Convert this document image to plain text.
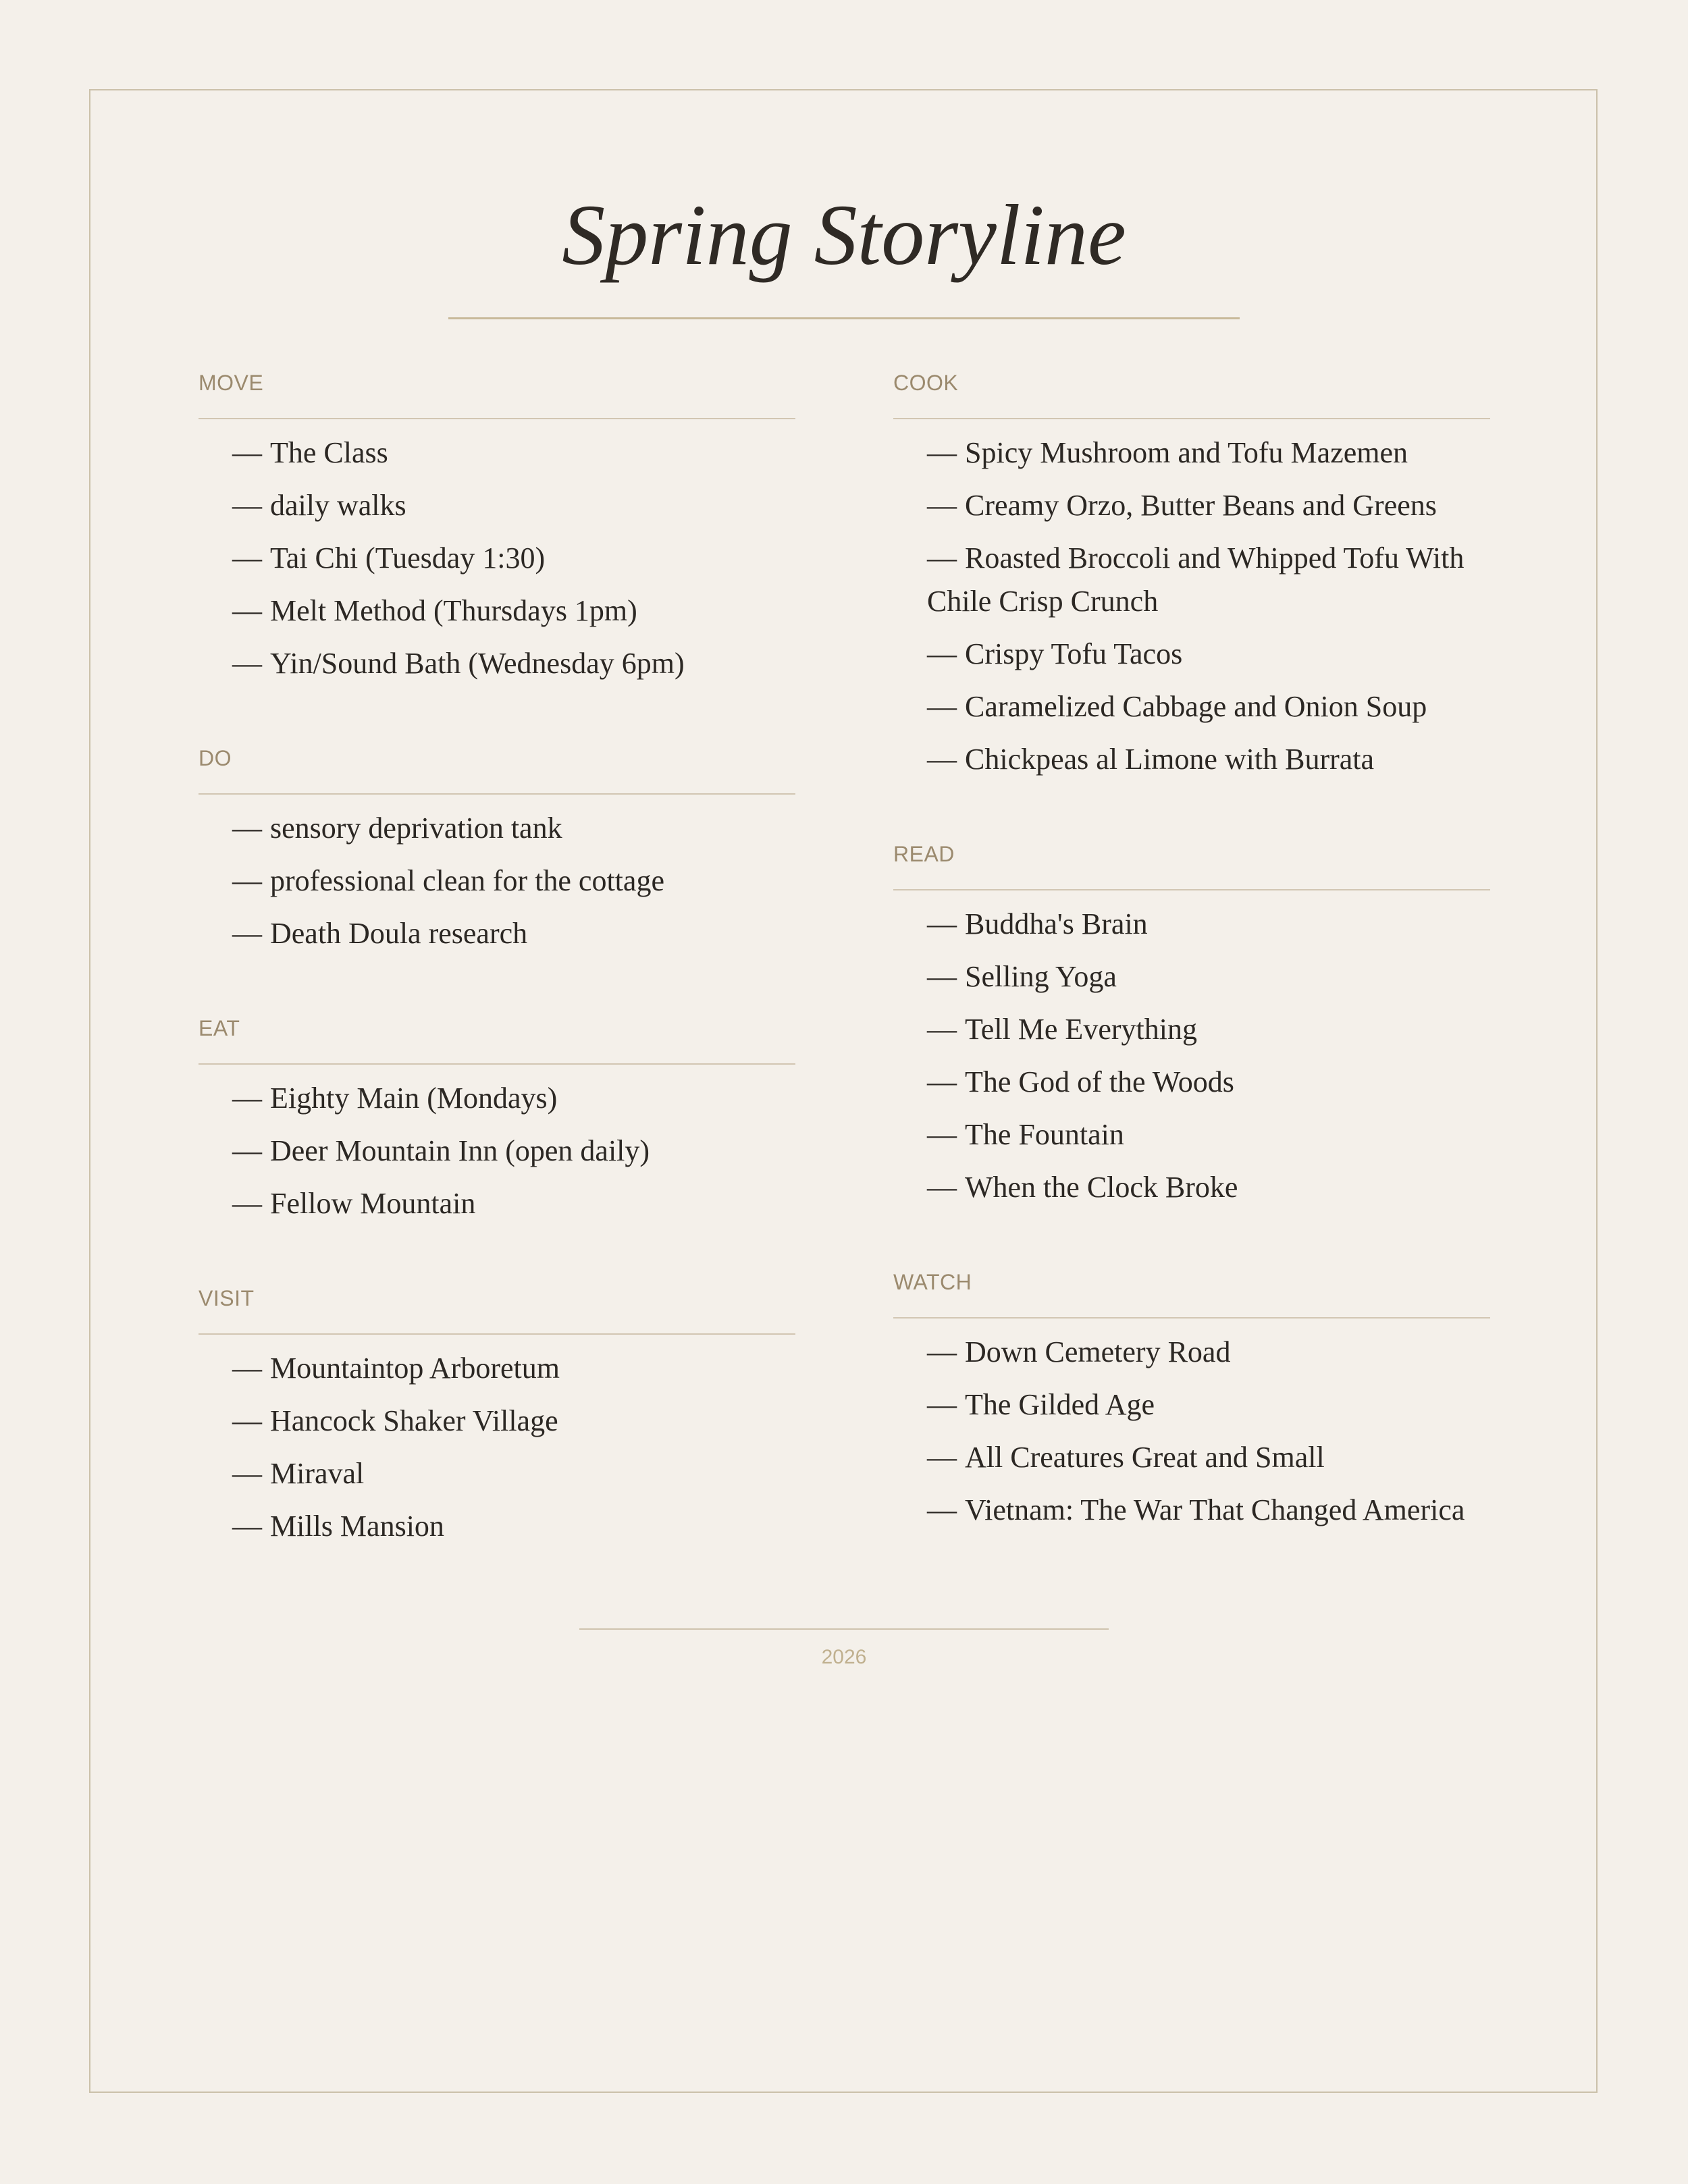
Spring Storyline
MOVE
— The Class
— daily walks
— Tai Chi (Tuesday 1:30)
— Melt Method (Thursdays 1pm)
— Yin/Sound Bath (Wednesday 6pm)
DO
— sensory deprivation tank
— professional clean for the cottage
— Death Doula research
EAT
— Eighty Main (Mondays)
— Deer Mountain Inn (open daily)
— Fellow Mountain
VISIT
— Mountaintop Arboretum
— Hancock Shaker Village
— Miraval
— Mills Mansion
COOK
— Spicy Mushroom and Tofu Mazemen
— Creamy Orzo, Butter Beans and Greens
— Roasted Broccoli and Whipped Tofu With Chile Crisp Crunch
— Crispy Tofu Tacos
— Caramelized Cabbage and Onion Soup
— Chickpeas al Limone with Burrata
READ
— Buddha's Brain
— Selling Yoga
— Tell Me Everything
— The God of the Woods
— The Fountain
— When the Clock Broke
WATCH
— Down Cemetery Road
— The Gilded Age
— All Creatures Great and Small
— Vietnam: The War That Changed America
2026
